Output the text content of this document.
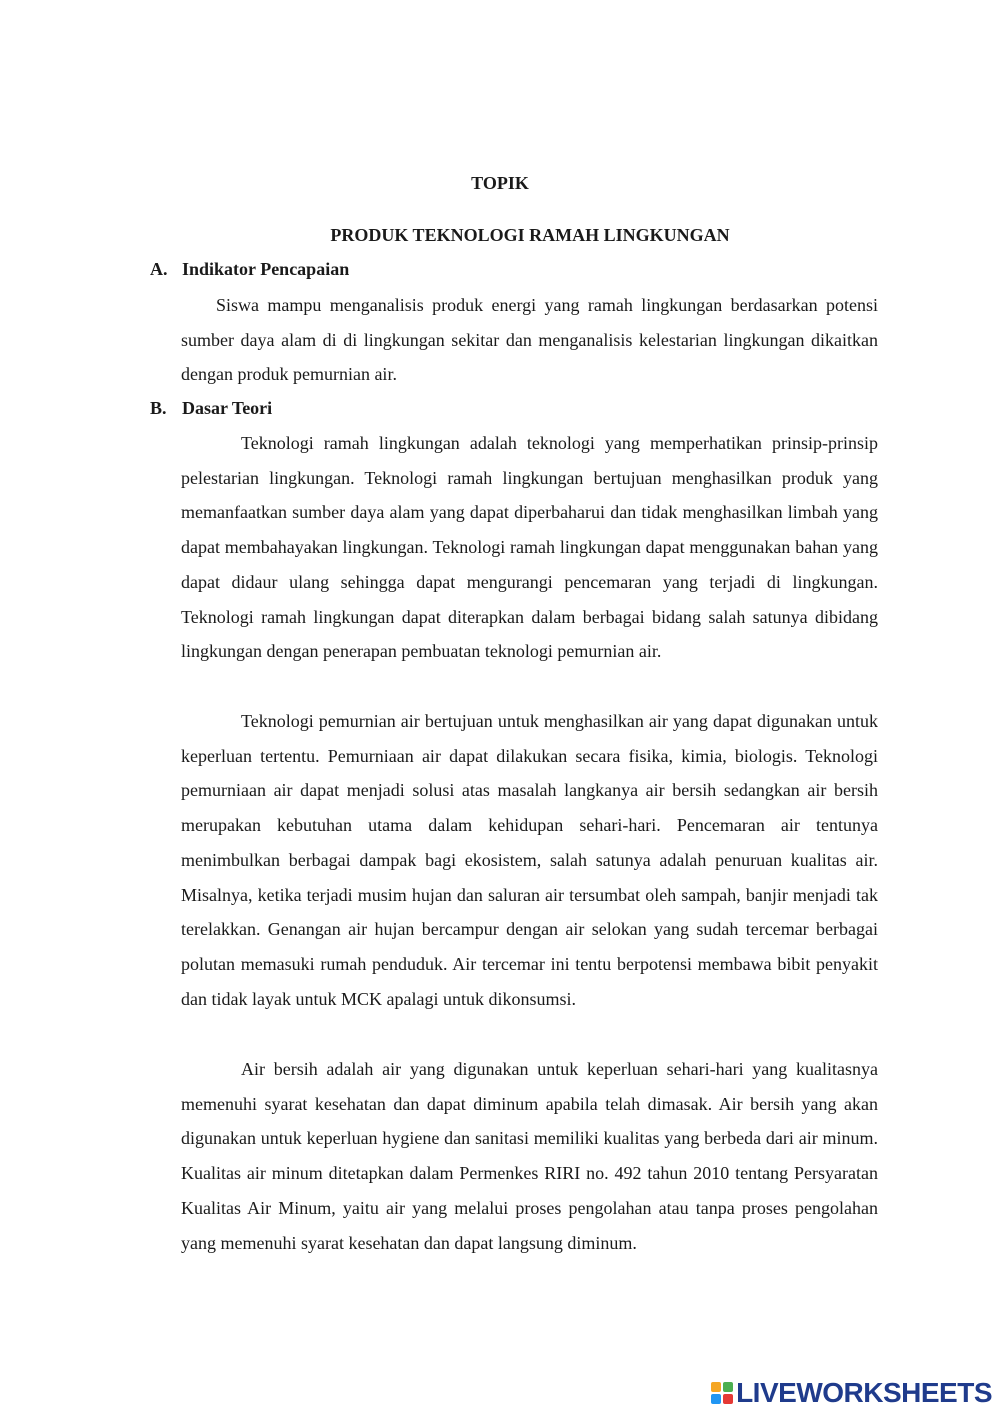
TOPIK
PRODUK TEKNOLOGI RAMAH LINGKUNGAN
A. Indikator Pencapaian

Siswa mampu menganalisis produk energi yang ramah lingkungan berdasarkan potensi sumber daya alam di di lingkungan sekitar dan menganalisis kelestarian lingkungan dikaitkan dengan produk pemurnian air.

B. Dasar Teori

Teknologi ramah lingkungan adalah teknologi yang memperhatikan prinsip-prinsip pelestarian lingkungan. Teknologi ramah lingkungan bertujuan menghasilkan produk yang memanfaatkan sumber daya alam yang dapat diperbaharui dan tidak menghasilkan limbah yang dapat membahayakan lingkungan. Teknologi ramah lingkungan dapat menggunakan bahan yang dapat didaur ulang sehingga dapat mengurangi pencemaran yang terjadi di lingkungan. Teknologi ramah lingkungan dapat diterapkan dalam berbagai bidang salah satunya dibidang lingkungan dengan penerapan pembuatan teknologi pemurnian air.

Teknologi pemurnian air bertujuan untuk menghasilkan air yang dapat digunakan untuk keperluan tertentu. Pemurniaan air dapat dilakukan secara fisika, kimia, biologis. Teknologi pemurniaan air dapat menjadi solusi atas masalah langkanya air bersih sedangkan air bersih merupakan kebutuhan utama dalam kehidupan sehari-hari. Pencemaran air tentunya menimbulkan berbagai dampak bagi ekosistem, salah satunya adalah penuruan kualitas air. Misalnya, ketika terjadi musim hujan dan saluran air tersumbat oleh sampah, banjir menjadi tak terelakkan. Genangan air hujan bercampur dengan air selokan yang sudah tercemar berbagai polutan memasuki rumah penduduk. Air tercemar ini tentu berpotensi membawa bibit penyakit dan tidak layak untuk MCK apalagi untuk dikonsumsi.

Air bersih adalah air yang digunakan untuk keperluan sehari-hari yang kualitasnya memenuhi syarat kesehatan dan dapat diminum apabila telah dimasak. Air bersih yang akan digunakan untuk keperluan hygiene dan sanitasi memiliki kualitas yang berbeda dari air minum. Kualitas air minum ditetapkan dalam Permenkes RIRI no. 492 tahun 2010 tentang Persyaratan Kualitas Air Minum, yaitu air yang melalui proses pengolahan atau tanpa proses pengolahan yang memenuhi syarat kesehatan dan dapat langsung diminum.

LIVEWORKSHEETS
